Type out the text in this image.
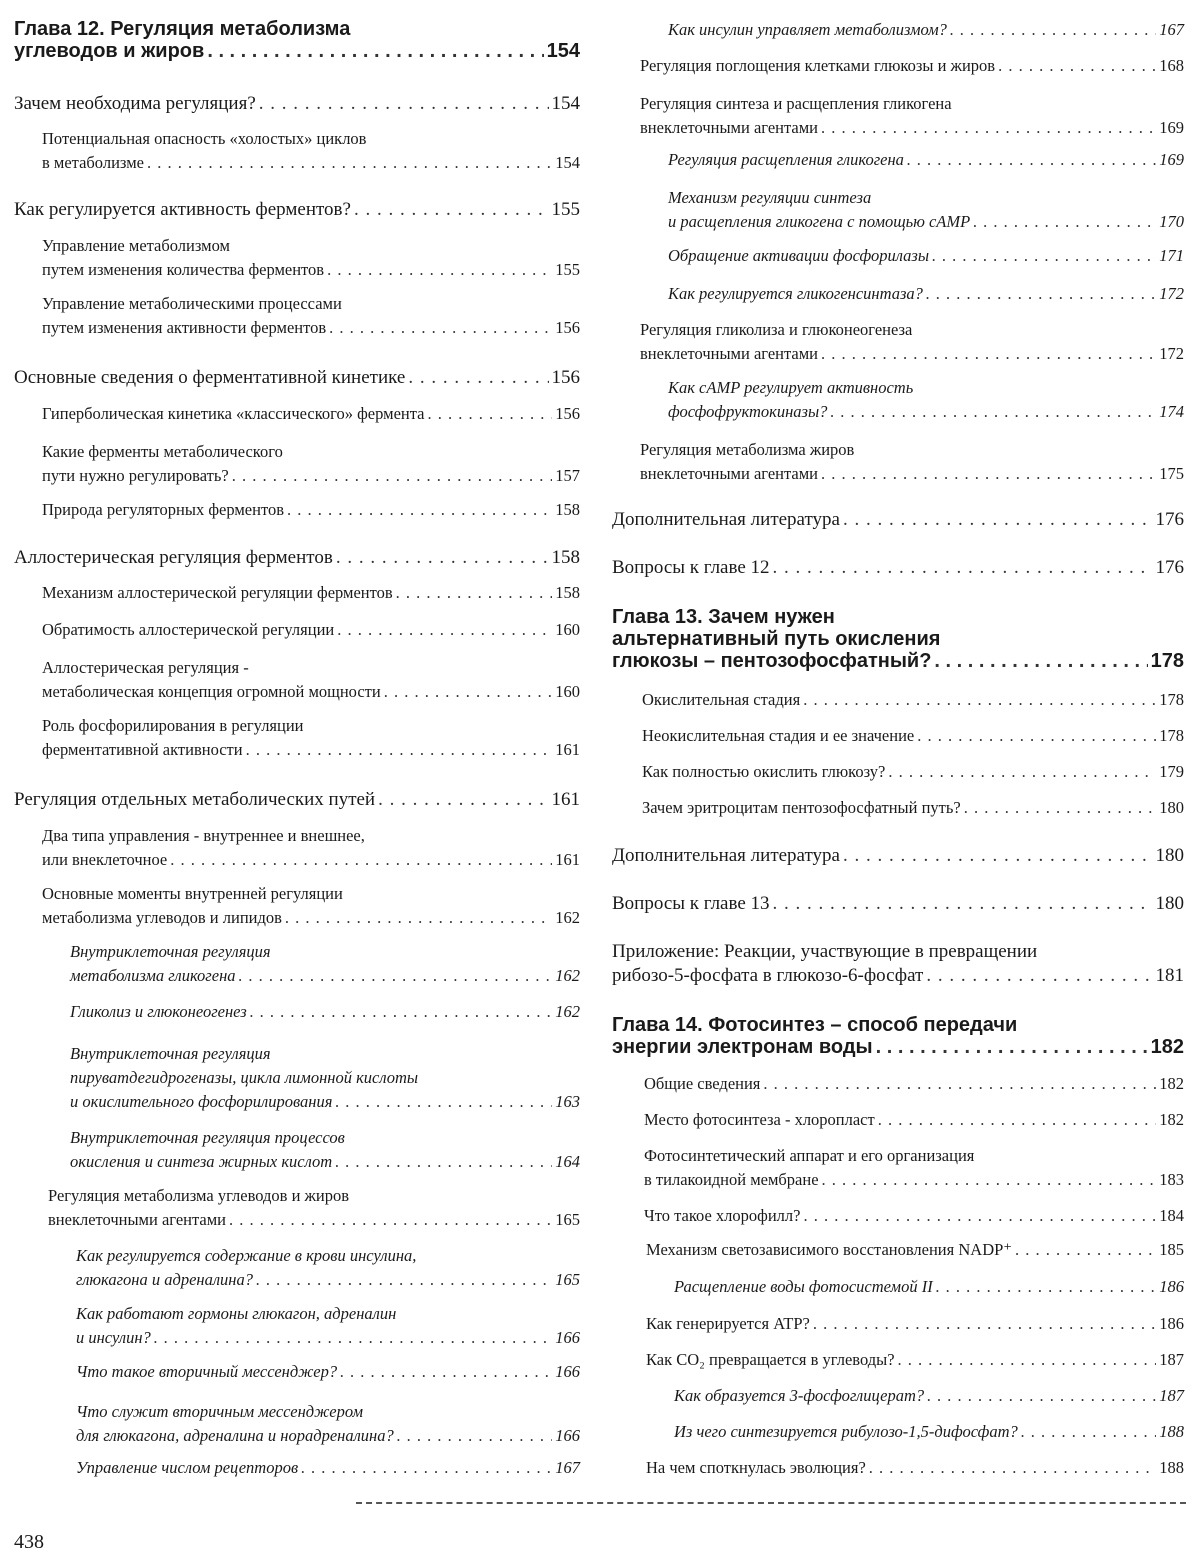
Глава 12. Регуляция метаболизма
углеводов и жиров
. . .	154
Зачем необходима регуляция?
. . .	154
Потенциальная опасность «холостых» циклов
в метаболизме
. . .	154
Как регулируется активность ферментов?
. . .	155
Управление метаболизмом
путем изменения количества ферментов
. . .	155
Управление метаболическими процессами
путем изменения активности ферментов
. . .	156
Основные сведения о ферментативной кинетике
. . .	156
Гиперболическая кинетика «классического» фермента
. . .	156
Какие ферменты метаболического
пути нужно регулировать?
. . .	157
Природа регуляторных ферментов
. . .	158
Аллостерическая регуляция ферментов
. . .	158
Механизм аллостерической регуляции ферментов
. . .	158
Обратимость аллостерической регуляции
. . .	160
Аллостерическая регуляция -
метаболическая концепция огромной мощности
. . .	160
Роль фосфорилирования в регуляции
ферментативной активности
. . .	161
Регуляция отдельных метаболических путей
. . .	161
Два типа управления - внутреннее и внешнее,
или внеклеточное
. . .	161
Основные моменты внутренней регуляции
метаболизма углеводов и липидов
. . .	162
Внутриклеточная регуляция
метаболизма гликогена
. . .	162
Гликолиз и глюконеогенез
. . .	162
Внутриклеточная регуляция
пируватдегидрогеназы, цикла лимонной кислоты
и окислительного фосфорилирования
. . .	163
Внутриклеточная регуляция процессов
окисления и синтеза жирных кислот
. . .	164
Регуляция метаболизма углеводов и жиров
внеклеточными агентами
. . .	165
Как регулируется содержание в крови инсулина,
глюкагона и адреналина?
. . .	165
Как работают гормоны глюкагон, адреналин
и инсулин?
. . .	166
Что такое вторичный мессенджер?
. . .	166
Что служит вторичным мессенджером
для глюкагона, адреналина и норадреналина?
. . .	166
Управление числом рецепторов
. . .	167
Как инсулин управляет метаболизмом?
. . .	167
Регуляция поглощения клетками глюкозы и жиров
. . .	168
Регуляция синтеза и расщепления гликогена
внеклеточными агентами
. . .	169
Регуляция расщепления гликогена
. . .	169
Механизм регуляции синтеза
и расщепления гликогена с помощью cAMP
. . .	170
Обращение активации фосфорилазы
. . .	171
Как регулируется гликогенсинтаза?
. . .	172
Регуляция гликолиза и глюконеогенеза
внеклеточными агентами
. . .	172
Как cAMP регулирует активность
фосфофруктокиназы?
. . .	174
Регуляция метаболизма жиров
внеклеточными агентами
. . .	175
Дополнительная литература
. . .	176
Вопросы к главе 12
. . .	176
Глава 13. Зачем нужен
альтернативный путь окисления
глюкозы – пентозофосфатный?
. . .	178
Окислительная стадия
. . .	178
Неокислительная стадия и ее значение
. . .	178
Как полностью окислить глюкозу?
. . .	179
Зачем эритроцитам пентозофосфатный путь?
. . .	180
Дополнительная литература
. . .	180
Вопросы к главе 13
. . .	180
Приложение: Реакции, участвующие в превращении
рибозо-5-фосфата в глюкозо-6-фосфат
. . .	181
Глава 14. Фотосинтез – способ передачи
энергии электронам воды
. . .	182
Общие сведения
. . .	182
Место фотосинтеза - хлоропласт
. . .	182
Фотосинтетический аппарат и его организация
в тилакоидной мембране
. . .	183
Что такое хлорофилл?
. . .	184
Механизм светозависимого восстановления NADP⁺
. . .	185
Расщепление воды фотосистемой II
. . .	186
Как генерируется ATP?
. . .	186
Как CO₂ превращается в углеводы?
. . .	187
Как образуется 3-фосфоглицерат?
. . .	187
Из чего синтезируется рибулозо-1,5-дифосфат?
. . .	188
На чем споткнулась эволюция?
. . .	188
438
